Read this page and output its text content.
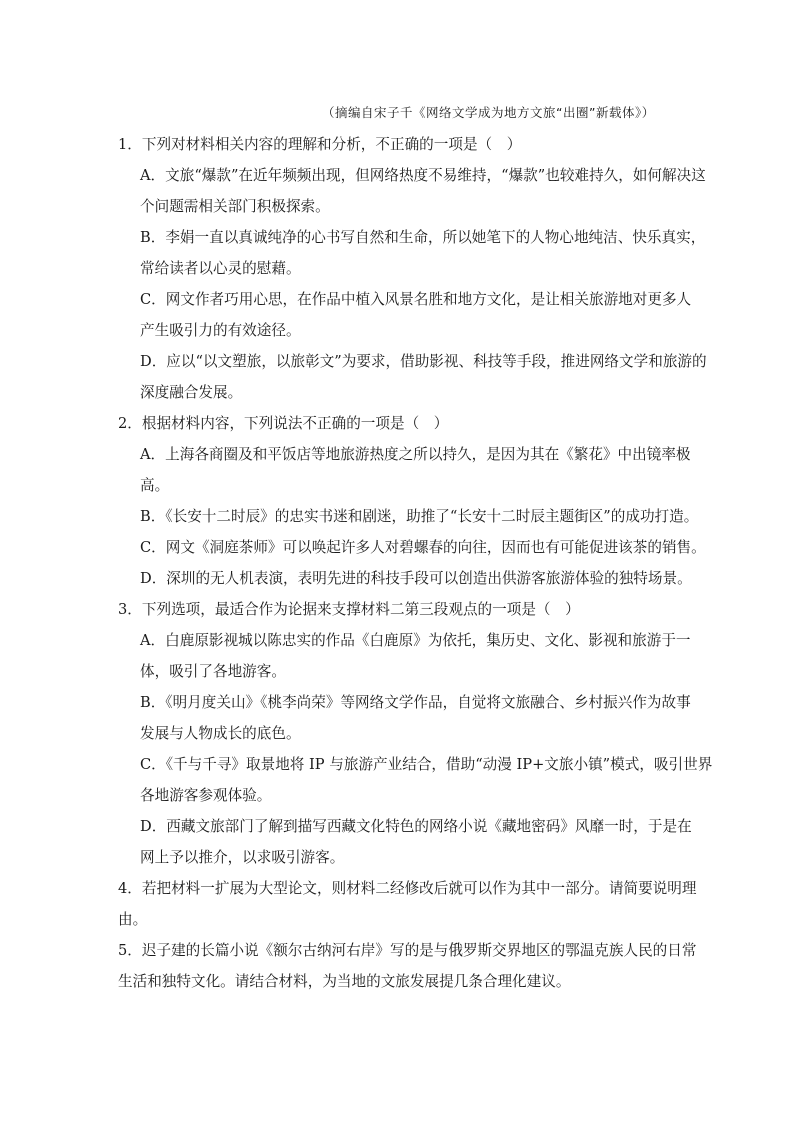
（摘编自宋子千《网络文学成为地方文旅“出圈”新载体》）
1．下列对材料相关内容的理解和分析，不正确的一项是（　）
A．文旅“爆款”在近年频频出现，但网络热度不易维持，“爆款”也较难持久，如何解决这
个问题需相关部门积极探索。
B．李娟一直以真诚纯净的心书写自然和生命，所以她笔下的人物心地纯洁、快乐真实，
常给读者以心灵的慰藉。
C．网文作者巧用心思，在作品中植入风景名胜和地方文化，是让相关旅游地对更多人
产生吸引力的有效途径。
D．应以“以文塑旅，以旅彰文”为要求，借助影视、科技等手段，推进网络文学和旅游的
深度融合发展。
2．根据材料内容，下列说法不正确的一项是（　）
A．上海各商圈及和平饭店等地旅游热度之所以持久，是因为其在《繁花》中出镜率极
高。
B．《长安十二时辰》的忠实书迷和剧迷，助推了“长安十二时辰主题街区”的成功打造。
C．网文《洞庭茶师》可以唤起许多人对碧螺春的向往，因而也有可能促进该茶的销售。
D．深圳的无人机表演，表明先进的科技手段可以创造出供游客旅游体验的独特场景。
3．下列选项，最适合作为论据来支撑材料二第三段观点的一项是（　）
A．白鹿原影视城以陈忠实的作品《白鹿原》为依托，集历史、文化、影视和旅游于一
体，吸引了各地游客。
B．《明月度关山》《桃李尚荣》等网络文学作品，自觉将文旅融合、乡村振兴作为故事
发展与人物成长的底色。
C．《千与千寻》取景地将 IP 与旅游产业结合，借助“动漫 IP+文旅小镇”模式，吸引世界
各地游客参观体验。
D．西藏文旅部门了解到描写西藏文化特色的网络小说《藏地密码》风靡一时，于是在
网上予以推介，以求吸引游客。
4．若把材料一扩展为大型论文，则材料二经修改后就可以作为其中一部分。请简要说明理
由。
5．迟子建的长篇小说《额尔古纳河右岸》写的是与俄罗斯交界地区的鄂温克族人民的日常
生活和独特文化。请结合材料，为当地的文旅发展提几条合理化建议。
